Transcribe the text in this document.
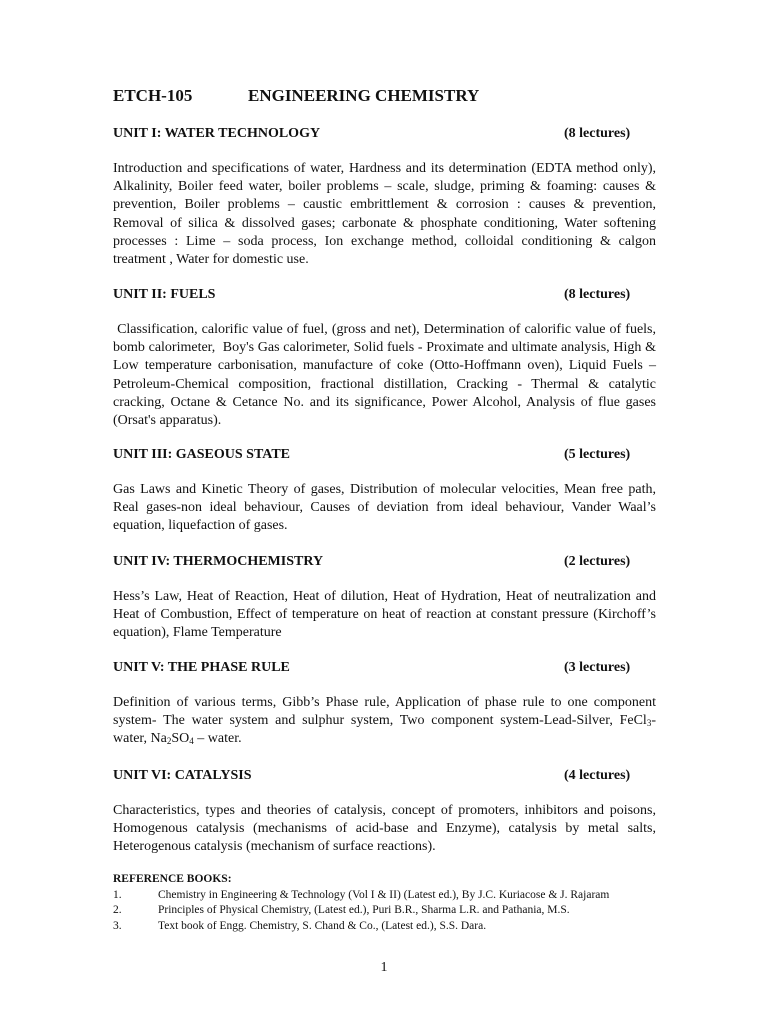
ETCH-105	ENGINEERING CHEMISTRY
UNIT I: WATER TECHNOLOGY	(8 lectures)
Introduction and specifications of water, Hardness and its determination (EDTA method only), Alkalinity, Boiler feed water, boiler problems – scale, sludge, priming & foaming: causes & prevention, Boiler problems – caustic embrittlement & corrosion : causes & prevention, Removal of silica & dissolved gases; carbonate & phosphate conditioning, Water softening processes : Lime – soda process, Ion exchange method, colloidal conditioning & calgon treatment , Water for domestic use.
UNIT II: FUELS	(8 lectures)
Classification, calorific value of fuel, (gross and net), Determination of calorific value of fuels, bomb calorimeter,  Boy's Gas calorimeter, Solid fuels - Proximate and ultimate analysis, High & Low temperature carbonisation, manufacture of coke (Otto-Hoffmann oven), Liquid Fuels – Petroleum-Chemical composition, fractional distillation, Cracking - Thermal & catalytic cracking, Octane & Cetance No. and its significance, Power Alcohol, Analysis of flue gases (Orsat's apparatus).
UNIT III: GASEOUS STATE	(5 lectures)
Gas Laws and Kinetic Theory of gases, Distribution of molecular velocities, Mean free path, Real gases-non ideal behaviour, Causes of deviation from ideal behaviour, Vander Waal’s equation, liquefaction of gases.
UNIT IV: THERMOCHEMISTRY	(2 lectures)
Hess’s Law, Heat of Reaction, Heat of dilution, Heat of Hydration, Heat of neutralization and Heat of Combustion, Effect of temperature on heat of reaction at constant pressure (Kirchoff’s equation), Flame Temperature
UNIT V: THE PHASE RULE	(3 lectures)
Definition of various terms, Gibb’s Phase rule, Application of phase rule to one component system- The water system and sulphur system, Two component system-Lead-Silver, FeCl$_3$- water, $Na_2SO_4$ – water.
UNIT VI: CATALYSIS	(4 lectures)
Characteristics, types and theories of catalysis, concept of promoters, inhibitors and poisons, Homogenous catalysis (mechanisms of acid-base and Enzyme), catalysis by metal salts, Heterogenous catalysis (mechanism of surface reactions).
REFERENCE BOOKS:
1.	Chemistry in Engineering & Technology (Vol I & II) (Latest ed.), By J.C. Kuriacose & J. Rajaram
2.	Principles of Physical Chemistry, (Latest ed.), Puri B.R., Sharma L.R. and Pathania, M.S.
3.	Text book of Engg. Chemistry, S. Chand & Co., (Latest ed.), S.S. Dara.
1
